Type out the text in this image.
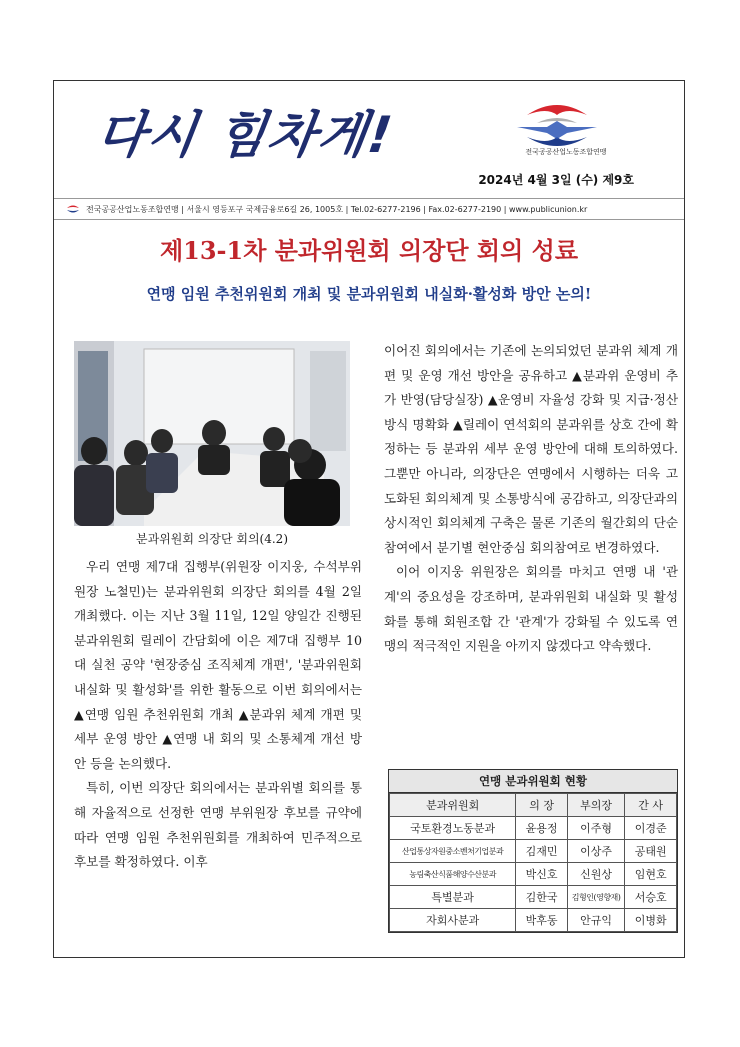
다시 힘차게!	전국공공산업노동조합연맹
2024년 4월 3일 (수) 제9호
전국공공산업노동조합연맹 | 서울시 영등포구 국제금융로6길 26, 1005호 | Tel.02-6277-2196 | Fax.02-6277-2190 | www.publicunion.kr
제13-1차 분과위원회 의장단 회의 성료
연맹 임원 추천위원회 개최 및 분과위원회 내실화·활성화 방안 논의!
분과위원회 의장단 회의(4.2)

우리 연맹 제7대 집행부(위원장 이지웅, 수석부위원장 노철민)는 분과위원회 의장단 회의를 4월 2일 개최했다. 이는 지난 3월 11일, 12일 양일간 진행된 분과위원회 릴레이 간담회에 이은 제7대 집행부 10대 실천 공약 '현장중심 조직체계 개편', '분과위원회 내실화 및 활성화'를 위한 활동으로 이번 회의에서는 ▲연맹 임원 추천위원회 개최 ▲분과위 체계 개편 및 세부 운영 방안 ▲연맹 내 회의 및 소통체계 개선 방안 등을 논의했다.

특히, 이번 의장단 회의에서는 분과위별 회의를 통해 자율적으로 선정한 연맹 부위원장 후보를 규약에 따라 연맹 임원 추천위원회를 개최하여 민주적으로 후보를 확정하였다. 이후

이어진 회의에서는 기존에 논의되었던 분과위 체계 개편 및 운영 개선 방안을 공유하고 ▲분과위 운영비 추가 반영(담당실장) ▲운영비 자율성 강화 및 지급·정산 방식 명확화 ▲릴레이 연석회의 분과위를 상호 간에 확정하는 등 분과위 세부 운영 방안에 대해 토의하였다. 그뿐만 아니라, 의장단은 연맹에서 시행하는 더욱 고도화된 회의체계 및 소통방식에 공감하고, 의장단과의 상시적인 회의체계 구축은 물론 기존의 월간회의 단순 참여에서 분기별 현안중심 회의참여로 변경하였다.

이어 이지웅 위원장은 회의를 마치고 연맹 내 '관계'의 중요성을 강조하며, 분과위원회 내실화 및 활성화를 통해 회원조합 간 '관계'가 강화될 수 있도록 연맹의 적극적인 지원을 아끼지 않겠다고 약속했다.

연맹 분과위원회 현황
분과위원회	의 장	부의장	간 사
국토환경노동분과	윤용정	이주형	이경준
산업통상자원중소벤처기업분과	김재민	이상주	공태원
농림축산식품해양수산분과	박신호	신원상	임현호
특별분과	김한국	김형인(영향재)	서승호
자회사분과	박후동	안규익	이병화
